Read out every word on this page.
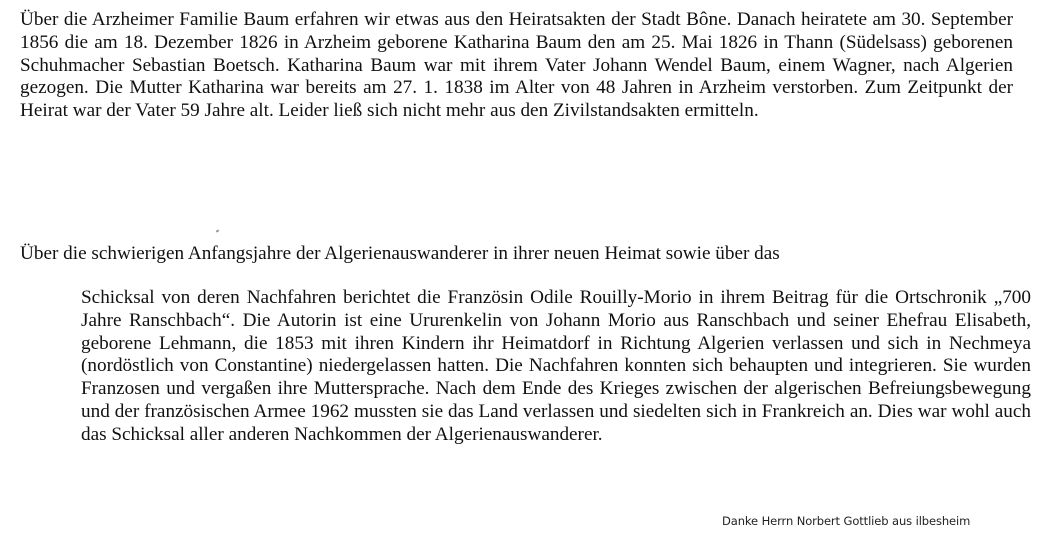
Über die Arzheimer Familie Baum erfahren wir etwas aus den Heiratsakten der Stadt Bône. Danach heiratete am 30. September 1856 die am 18. Dezember 1826 in Arzheim geborene Katharina Baum den am 25. Mai 1826 in Thann (Südelsass) geborenen Schuhmacher Sebastian Boetsch. Katharina Baum war mit ihrem Vater Johann Wendel Baum, einem Wagner, nach Algerien gezogen. Die Mutter Katharina war bereits am 27. 1. 1838 im Alter von 48 Jahren in Arzheim verstorben. Zum Zeitpunkt der Heirat war der Vater 59 Jahre alt. Leider ließ sich nicht mehr aus den Zivilstandsakten ermitteln.

Über die schwierigen Anfangsjahre der Algerienauswanderer in ihrer neuen Heimat sowie über das

Schicksal von deren Nachfahren berichtet die Französin Odile Rouilly-Morio in ihrem Beitrag für die Ortschronik „700 Jahre Ranschbach“. Die Autorin ist eine Ururenkelin von Johann Morio aus Ranschbach und seiner Ehefrau Elisabeth, geborene Lehmann, die 1853 mit ihren Kindern ihr Heimatdorf in Richtung Algerien verlassen und sich in Nechmeya (nordöstlich von Constantine) niedergelassen hatten. Die Nachfahren konnten sich behaupten und integrieren. Sie wurden Franzosen und vergaßen ihre Muttersprache. Nach dem Ende des Krieges zwischen der algerischen Befreiungsbewegung und der französischen Armee 1962 mussten sie das Land verlassen und siedelten sich in Frankreich an. Dies war wohl auch das Schicksal aller anderen Nachkommen der Algerienauswanderer.

Danke Herrn Norbert Gottlieb aus ilbesheim
